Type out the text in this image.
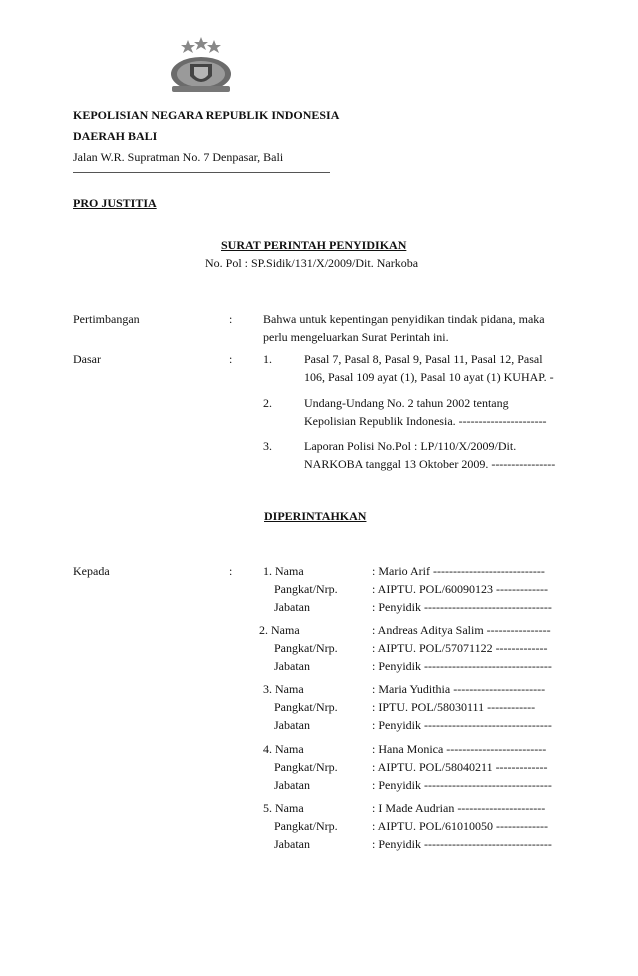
KEPOLISIAN NEGARA REPUBLIK INDONESIA
DAERAH BALI
Jalan W.R. Supratman No. 7 Denpasar, Bali
PRO JUSTITIA
SURAT PERINTAH PENYIDIKAN
No. Pol : SP.Sidik/131/X/2009/Dit. Narkoba
Pertimbangan	:	Bahwa untuk kepentingan penyidikan tindak pidana, maka
perlu mengeluarkan Surat Perintah ini.
Dasar	:	1.	Pasal 7, Pasal 8, Pasal 9, Pasal 11, Pasal 12, Pasal
106, Pasal 109 ayat (1), Pasal 10 ayat (1) KUHAP. -
2.	Undang-Undang No. 2 tahun 2002 tentang
Kepolisian Republik Indonesia. ----------------------
3.	Laporan Polisi No.Pol : LP/110/X/2009/Dit.
NARKOBA tanggal 13 Oktober 2009. ----------------
DIPERINTAHKAN
Kepada	:	1. Nama	: Mario Arif ----------------------------
Pangkat/Nrp.	: AIPTU. POL/60090123 -------------
Jabatan	: Penyidik --------------------------------
2. Nama	: Andreas Aditya Salim ----------------
Pangkat/Nrp.	: AIPTU. POL/57071122 -------------
Jabatan	: Penyidik --------------------------------
3. Nama	: Maria Yudithia -----------------------
Pangkat/Nrp.	: IPTU. POL/58030111 ------------
Jabatan	: Penyidik --------------------------------
4. Nama	: Hana Monica -------------------------
Pangkat/Nrp.	: AIPTU. POL/58040211 -------------
Jabatan	: Penyidik --------------------------------
5. Nama	: I Made Audrian ----------------------
Pangkat/Nrp.	: AIPTU. POL/61010050 -------------
Jabatan	: Penyidik --------------------------------
